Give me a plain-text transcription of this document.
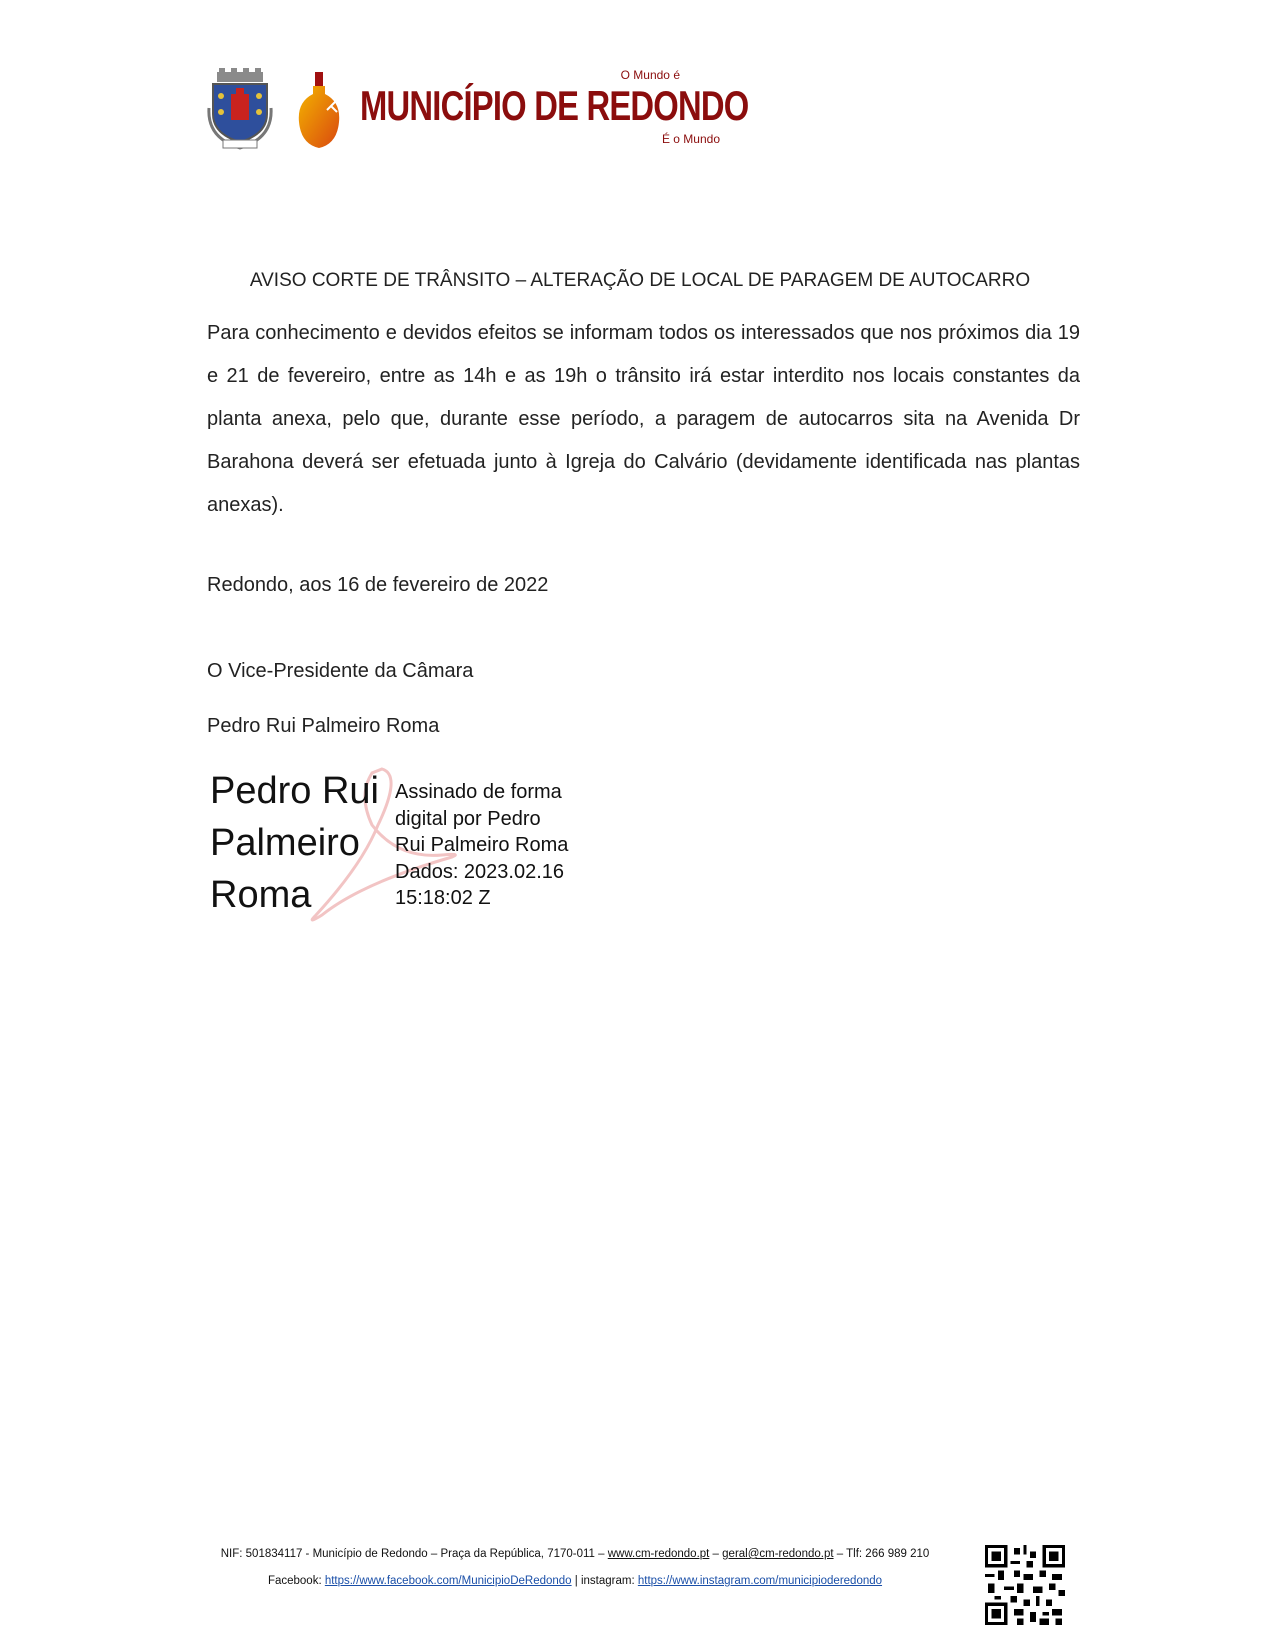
O Mundo é
MUNICÍPIO DE REDONDO
É o Mundo
AVISO CORTE DE TRÂNSITO – ALTERAÇÃO DE LOCAL DE PARAGEM DE AUTOCARRO
Para conhecimento e devidos efeitos se informam todos os interessados que nos próximos dia 19 e 21 de fevereiro, entre as 14h e as 19h o trânsito irá estar interdito nos locais constantes da planta anexa, pelo que, durante esse período, a paragem de autocarros sita na Avenida Dr Barahona deverá ser efetuada junto à Igreja do Calvário (devidamente identificada nas plantas anexas).
Redondo, aos 16 de fevereiro de 2022
O Vice-Presidente da Câmara
Pedro Rui Palmeiro Roma
Pedro Rui
Palmeiro
Roma
Assinado de forma
digital por Pedro
Rui Palmeiro Roma
Dados: 2023.02.16
15:18:02 Z
NIF: 501834117 - Município de Redondo – Praça da República, 7170-011 – www.cm-redondo.pt – geral@cm-redondo.pt – Tlf: 266 989 210
Facebook: https://www.facebook.com/MunicipioDeRedondo | instagram: https://www.instagram.com/municipioderedondo
